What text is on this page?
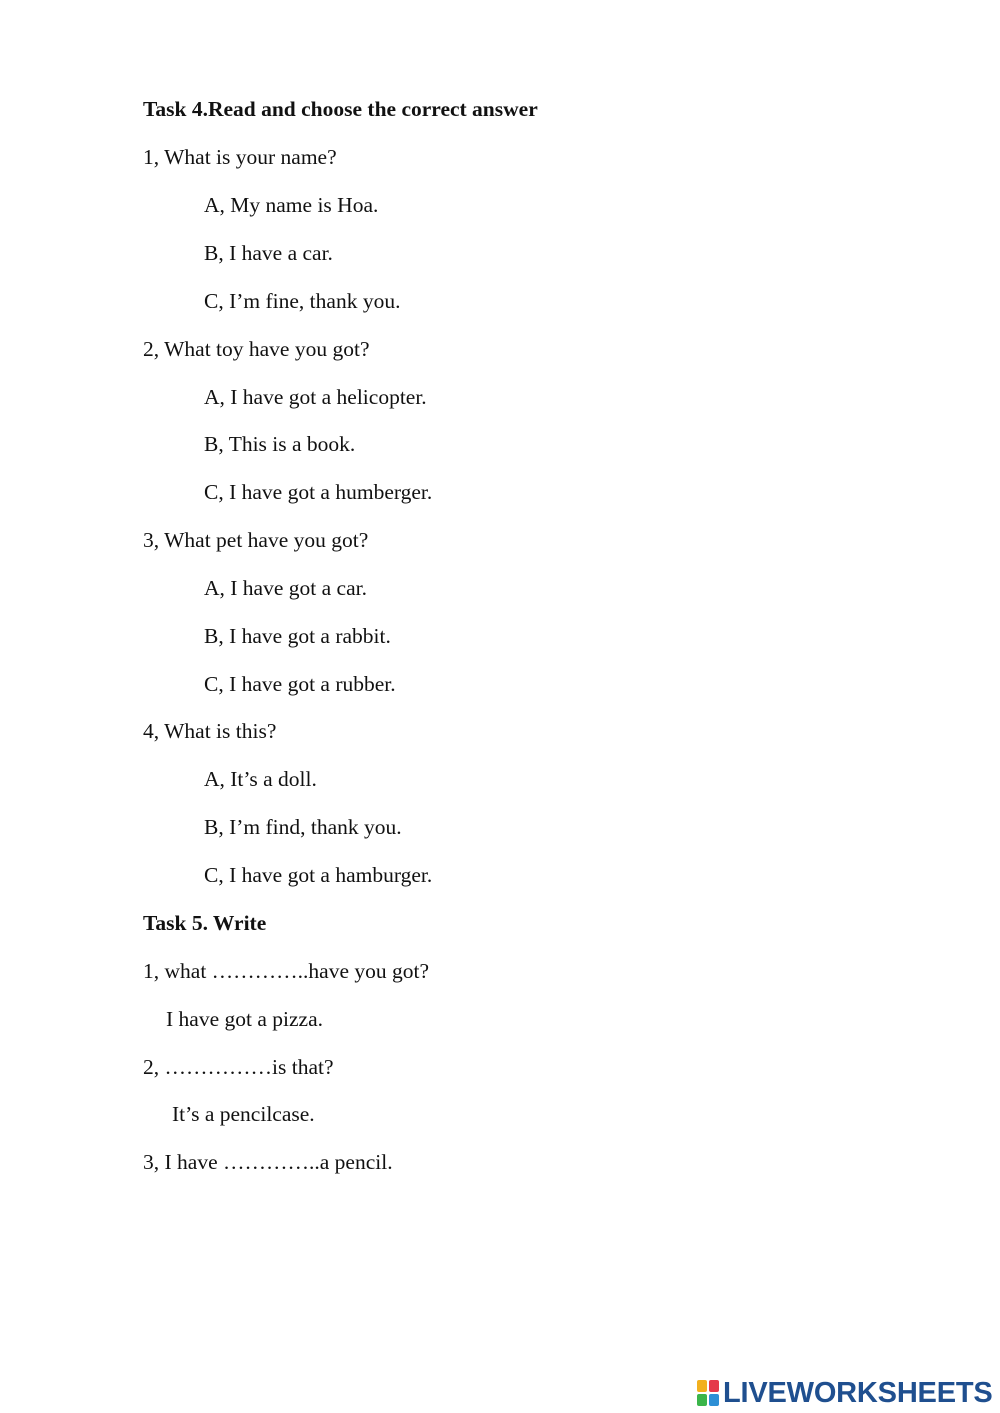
Task 4.Read and choose the correct answer

1, What is your name?

A, My name is Hoa.

B, I have a car.

C, I’m fine, thank you.

2, What toy have you got?

A, I have got a helicopter.

B, This is a book.

C, I have got a humberger.

3, What pet have you got?

A, I have got a car.

B, I have got a rabbit.

C, I have got a rubber.

4, What is this?

A, It’s a doll.

B, I’m find, thank you.

C, I have got a hamburger.

Task 5. Write

1, what …………..have you got?

I have got a pizza.

2, ……………is that?

It’s a pencilcase.

3, I have …………..a pencil.

LIVEWORKSHEETS
